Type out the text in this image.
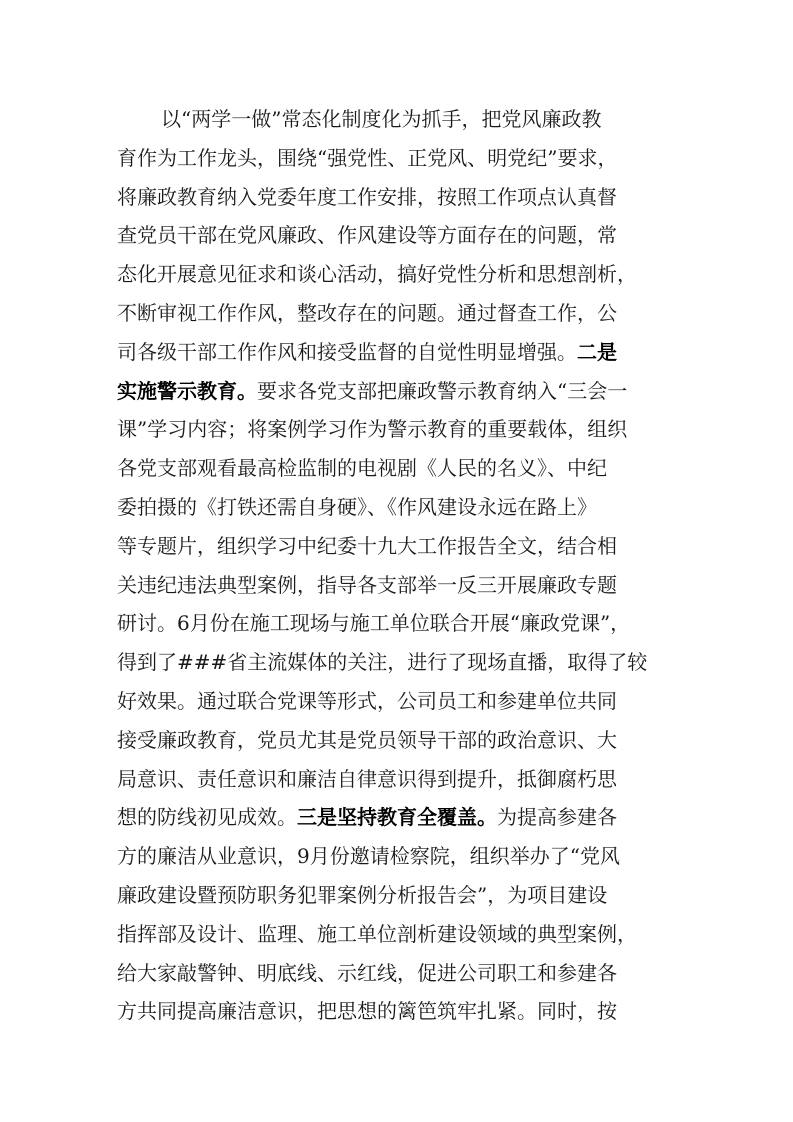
以“两学一做”常态化制度化为抓手，把党风廉政教
育作为工作龙头，围绕“强党性、正党风、明党纪”要求，
将廉政教育纳入党委年度工作安排，按照工作项点认真督
查党员干部在党风廉政、作风建设等方面存在的问题，常
态化开展意见征求和谈心活动，搞好党性分析和思想剖析，
不断审视工作作风，整改存在的问题。通过督查工作，公
司各级干部工作作风和接受监督的自觉性明显增强。二是
实施警示教育。要求各党支部把廉政警示教育纳入“三会一
课”学习内容；将案例学习作为警示教育的重要载体，组织
各党支部观看最高检监制的电视剧《人民的名义》、中纪
委拍摄的《打铁还需自身硬》、《作风建设永远在路上》
等专题片，组织学习中纪委十九大工作报告全文，结合相
关违纪违法典型案例，指导各支部举一反三开展廉政专题
研讨。6月份在施工现场与施工单位联合开展“廉政党课”，
得到了###省主流媒体的关注，进行了现场直播，取得了较
好效果。通过联合党课等形式，公司员工和参建单位共同
接受廉政教育，党员尤其是党员领导干部的政治意识、大
局意识、责任意识和廉洁自律意识得到提升，抵御腐朽思
想的防线初见成效。三是坚持教育全覆盖。为提高参建各
方的廉洁从业意识，9月份邀请检察院，组织举办了“党风
廉政建设暨预防职务犯罪案例分析报告会”，为项目建设
指挥部及设计、监理、施工单位剖析建设领域的典型案例，
给大家敲警钟、明底线、示红线，促进公司职工和参建各
方共同提高廉洁意识，把思想的篱笆筑牢扎紧。同时，按
